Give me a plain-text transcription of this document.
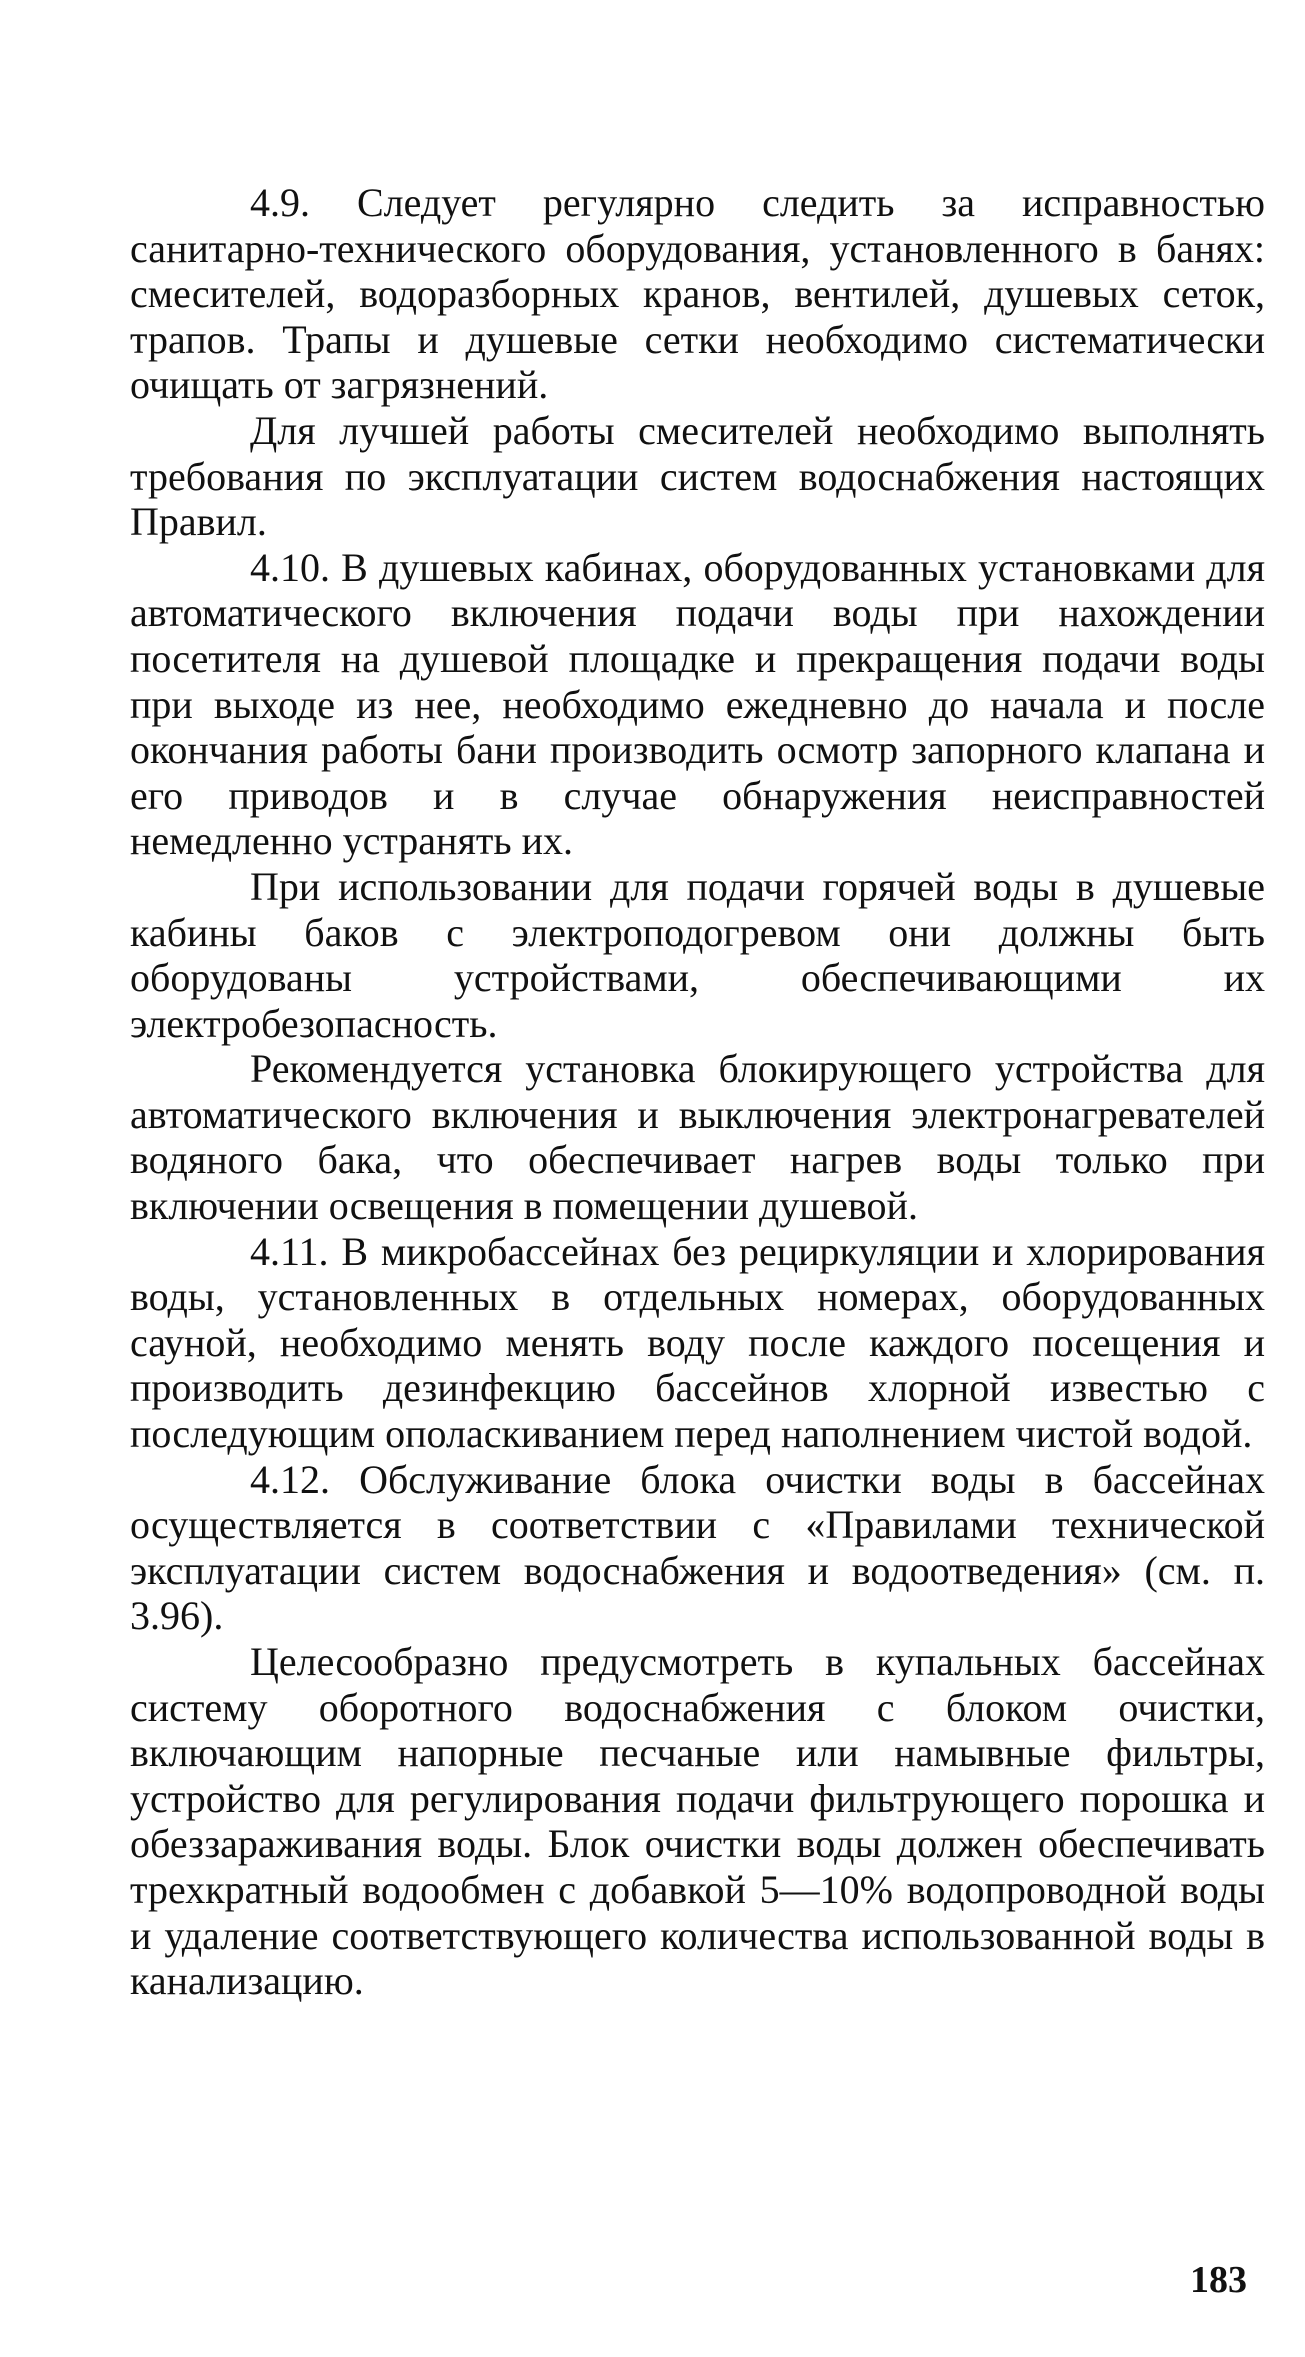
4.9. Следует регулярно следить за исправностью санитарно-технического оборудования, установленного в банях: смесителей, водоразборных кранов, вентилей, душевых сеток, трапов. Трапы и душевые сетки необходимо систематически очищать от загрязнений.

Для лучшей работы смесителей необходимо выполнять требования по эксплуатации систем водоснабжения настоящих Правил.

4.10. В душевых кабинах, оборудованных установками для автоматического включения подачи воды при нахождении посетителя на душевой площадке и прекращения подачи воды при выходе из нее, необходимо ежедневно до начала и после окончания работы бани производить осмотр запорного клапана и его приводов и в случае обнаружения неисправностей немедленно устранять их.

При использовании для подачи горячей воды в душевые кабины баков с электроподогревом они должны быть оборудованы устройствами, обеспечивающими их электробезопасность.

Рекомендуется установка блокирующего устройства для автоматического включения и выключения электронагревателей водяного бака, что обеспечивает нагрев воды только при включении освещения в помещении душевой.

4.11. В микробассейнах без рециркуляции и хлорирования воды, установленных в отдельных номерах, оборудованных сауной, необходимо менять воду после каждого посещения и производить дезинфекцию бассейнов хлорной известью с последующим ополаскиванием перед наполнением чистой водой.

4.12. Обслуживание блока очистки воды в бассейнах осуществляется в соответствии с «Правилами технической эксплуатации систем водоснабжения и водоотведения» (см. п. 3.96).

Целесообразно предусмотреть в купальных бассейнах систему оборотного водоснабжения с блоком очистки, включающим напорные песчаные или намывные фильтры, устройство для регулирования подачи фильтрующего порошка и обеззараживания воды. Блок очистки воды должен обеспечивать трехкратный водообмен с добавкой 5—10% водопроводной воды и удаление соответствующего количества использованной воды в канализацию.

183
